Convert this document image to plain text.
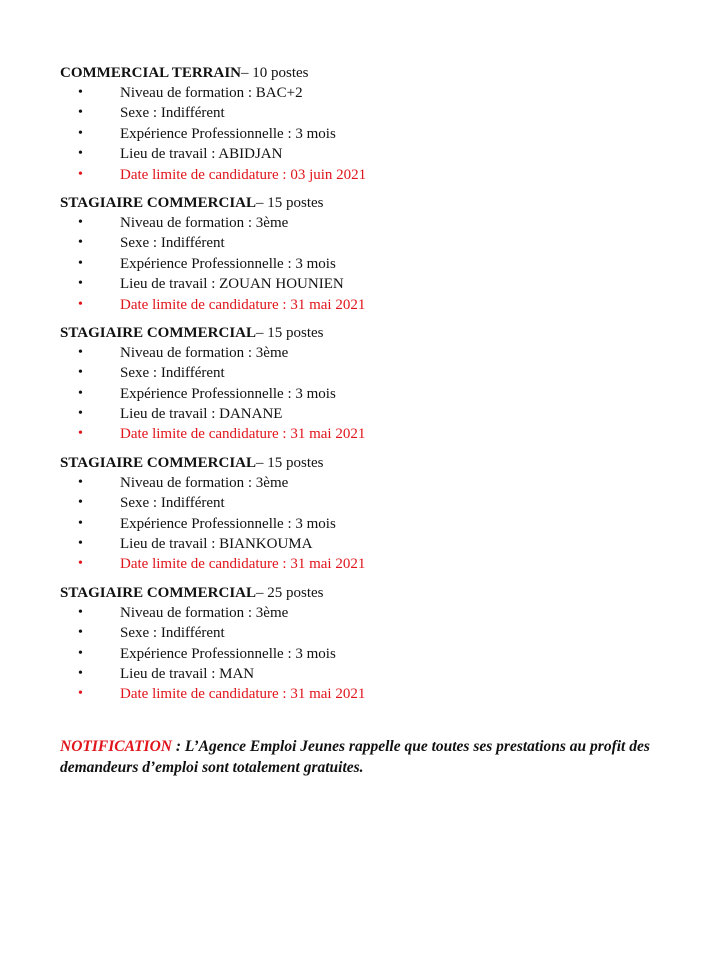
COMMERCIAL TERRAIN– 10 postes
• Niveau de formation : BAC+2
• Sexe : Indifférent
• Expérience Professionnelle : 3 mois
• Lieu de travail : ABIDJAN
• Date limite de candidature : 03 juin 2021
STAGIAIRE COMMERCIAL– 15 postes
• Niveau de formation : 3ème
• Sexe : Indifférent
• Expérience Professionnelle : 3 mois
• Lieu de travail : ZOUAN HOUNIEN
• Date limite de candidature : 31 mai 2021
STAGIAIRE COMMERCIAL– 15 postes
• Niveau de formation : 3ème
• Sexe : Indifférent
• Expérience Professionnelle : 3 mois
• Lieu de travail : DANANE
• Date limite de candidature : 31 mai 2021
STAGIAIRE COMMERCIAL– 15 postes
• Niveau de formation : 3ème
• Sexe : Indifférent
• Expérience Professionnelle : 3 mois
• Lieu de travail : BIANKOUMA
• Date limite de candidature : 31 mai 2021
STAGIAIRE COMMERCIAL– 25 postes
• Niveau de formation : 3ème
• Sexe : Indifférent
• Expérience Professionnelle : 3 mois
• Lieu de travail : MAN
• Date limite de candidature : 31 mai 2021
NOTIFICATION : L’Agence Emploi Jeunes rappelle que toutes ses prestations au profit des demandeurs d’emploi sont totalement gratuites.
